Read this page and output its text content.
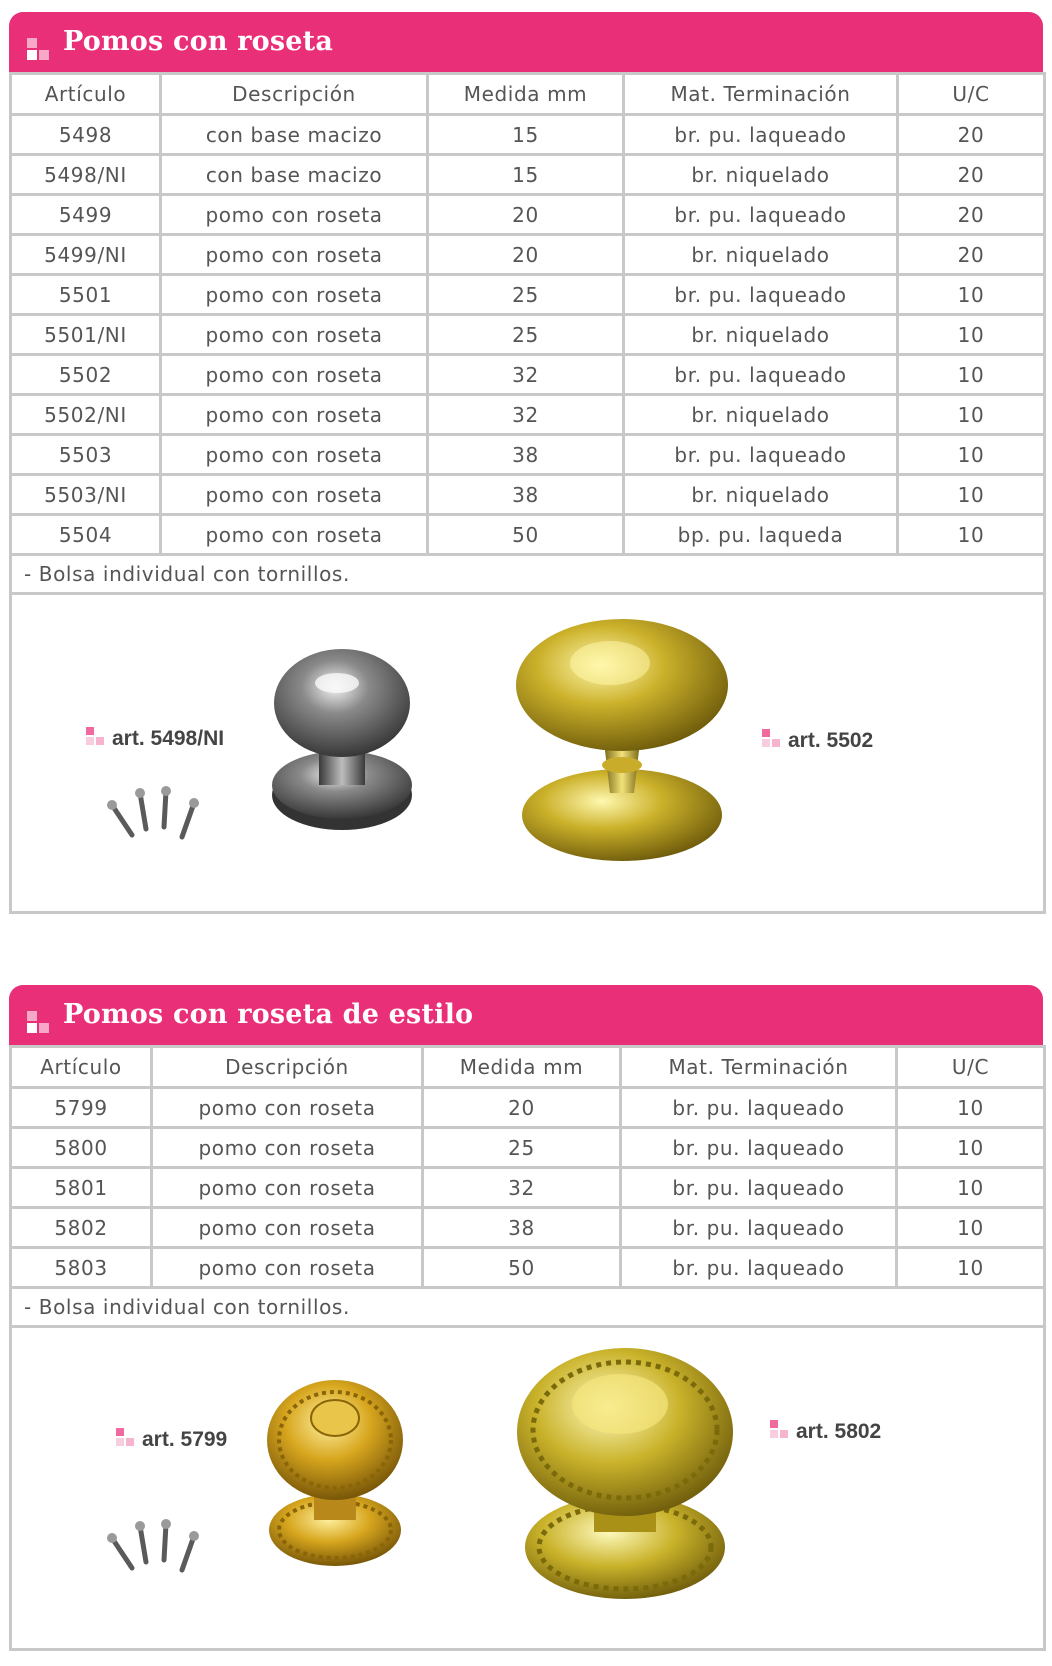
Pomos con roseta
Artículo	Descripción	Medida mm	Mat. Terminación	U/C
5498	con base macizo	15	br. pu. laqueado	20
5498/NI	con base macizo	15	br. niquelado	20
5499	pomo con roseta	20	br. pu. laqueado	20
5499/NI	pomo con roseta	20	br. niquelado	20
5501	pomo con roseta	25	br. pu. laqueado	10
5501/NI	pomo con roseta	25	br. niquelado	10
5502	pomo con roseta	32	br. pu. laqueado	10
5502/NI	pomo con roseta	32	br. niquelado	10
5503	pomo con roseta	38	br. pu. laqueado	10
5503/NI	pomo con roseta	38	br. niquelado	10
5504	pomo con roseta	50	bp. pu. laqueda	10
- Bolsa individual con tornillos.				

art. 5498/NI art. 5502				
Pomos con roseta de estilo
Artículo	Descripción	Medida mm	Mat. Terminación	U/C
5799	pomo con roseta	20	br. pu. laqueado	10
5800	pomo con roseta	25	br. pu. laqueado	10
5801	pomo con roseta	32	br. pu. laqueado	10
5802	pomo con roseta	38	br. pu. laqueado	10
5803	pomo con roseta	50	br. pu. laqueado	10
- Bolsa individual con tornillos.				

art. 5799 art. 5802				
